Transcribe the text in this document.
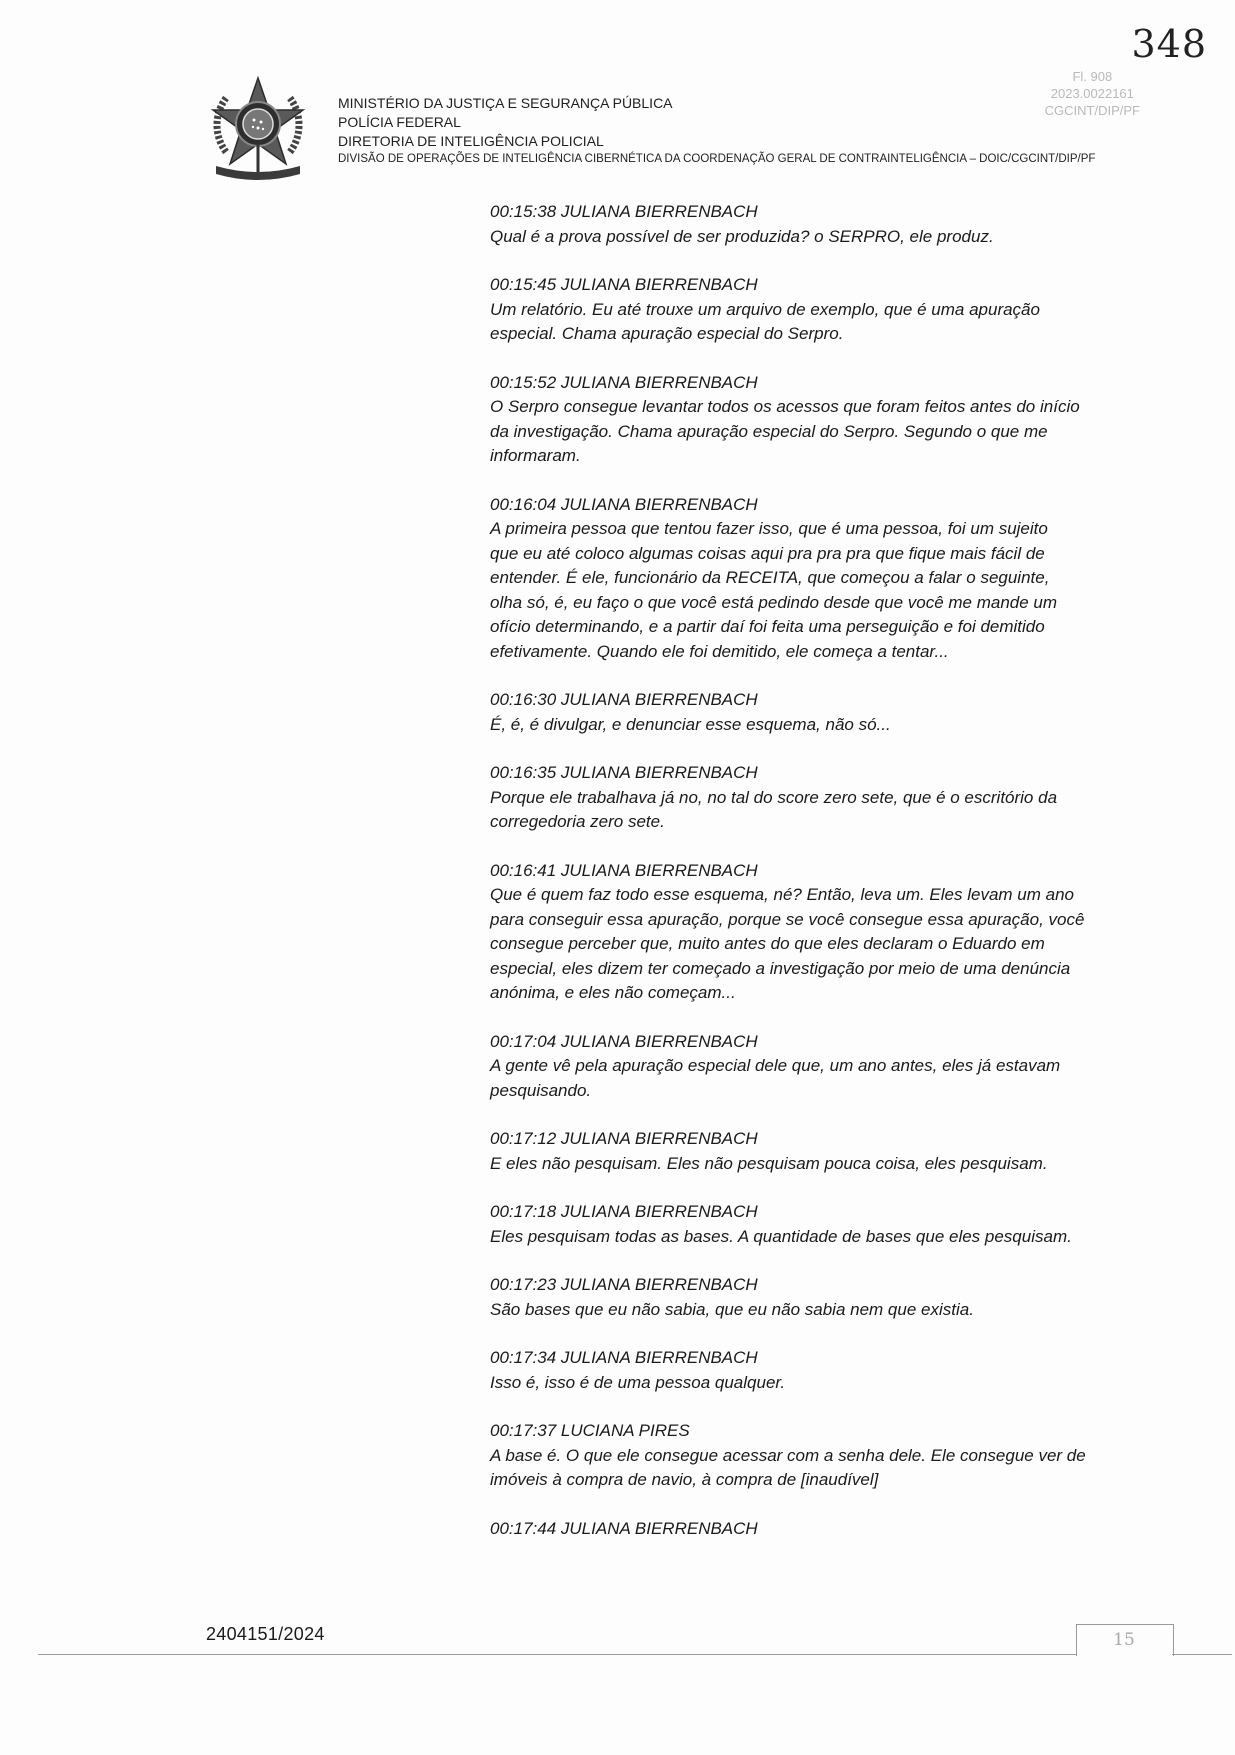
348
Fl. 908
2023.0022161
CGCINT/DIP/PF
MINISTÉRIO DA JUSTIÇA E SEGURANÇA PÚBLICA
POLÍCIA FEDERAL
DIRETORIA DE INTELIGÊNCIA POLICIAL
DIVISÃO DE OPERAÇÕES DE INTELIGÊNCIA CIBERNÉTICA DA COORDENAÇÃO GERAL DE CONTRAINTELIGÊNCIA – DOIC/CGCINT/DIP/PF
00:15:38 JULIANA BIERRENBACH
Qual é a prova possível de ser produzida? o SERPRO, ele produz.
00:15:45 JULIANA BIERRENBACH
Um relatório. Eu até trouxe um arquivo de exemplo, que é uma apuração
especial. Chama apuração especial do Serpro.
00:15:52 JULIANA BIERRENBACH
O Serpro consegue levantar todos os acessos que foram feitos antes do início
da investigação. Chama apuração especial do Serpro. Segundo o que me
informaram.
00:16:04 JULIANA BIERRENBACH
A primeira pessoa que tentou fazer isso, que é uma pessoa, foi um sujeito
que eu até coloco algumas coisas aqui pra pra pra que fique mais fácil de
entender. É ele, funcionário da RECEITA, que começou a falar o seguinte,
olha só, é, eu faço o que você está pedindo desde que você me mande um
ofício determinando, e a partir daí foi feita uma perseguição e foi demitido
efetivamente. Quando ele foi demitido, ele começa a tentar...
00:16:30 JULIANA BIERRENBACH
É, é, é divulgar, e denunciar esse esquema, não só...
00:16:35 JULIANA BIERRENBACH
Porque ele trabalhava já no, no tal do score zero sete, que é o escritório da
corregedoria zero sete.
00:16:41 JULIANA BIERRENBACH
Que é quem faz todo esse esquema, né? Então, leva um. Eles levam um ano
para conseguir essa apuração, porque se você consegue essa apuração, você
consegue perceber que, muito antes do que eles declaram o Eduardo em
especial, eles dizem ter começado a investigação por meio de uma denúncia
anónima, e eles não começam...
00:17:04 JULIANA BIERRENBACH
A gente vê pela apuração especial dele que, um ano antes, eles já estavam
pesquisando.
00:17:12 JULIANA BIERRENBACH
E eles não pesquisam. Eles não pesquisam pouca coisa, eles pesquisam.
00:17:18 JULIANA BIERRENBACH
Eles pesquisam todas as bases. A quantidade de bases que eles pesquisam.
00:17:23 JULIANA BIERRENBACH
São bases que eu não sabia, que eu não sabia nem que existia.
00:17:34 JULIANA BIERRENBACH
Isso é, isso é de uma pessoa qualquer.
00:17:37 LUCIANA PIRES
A base é. O que ele consegue acessar com a senha dele. Ele consegue ver de
imóveis à compra de navio, à compra de [inaudível]
00:17:44 JULIANA BIERRENBACH
2404151/2024	15
